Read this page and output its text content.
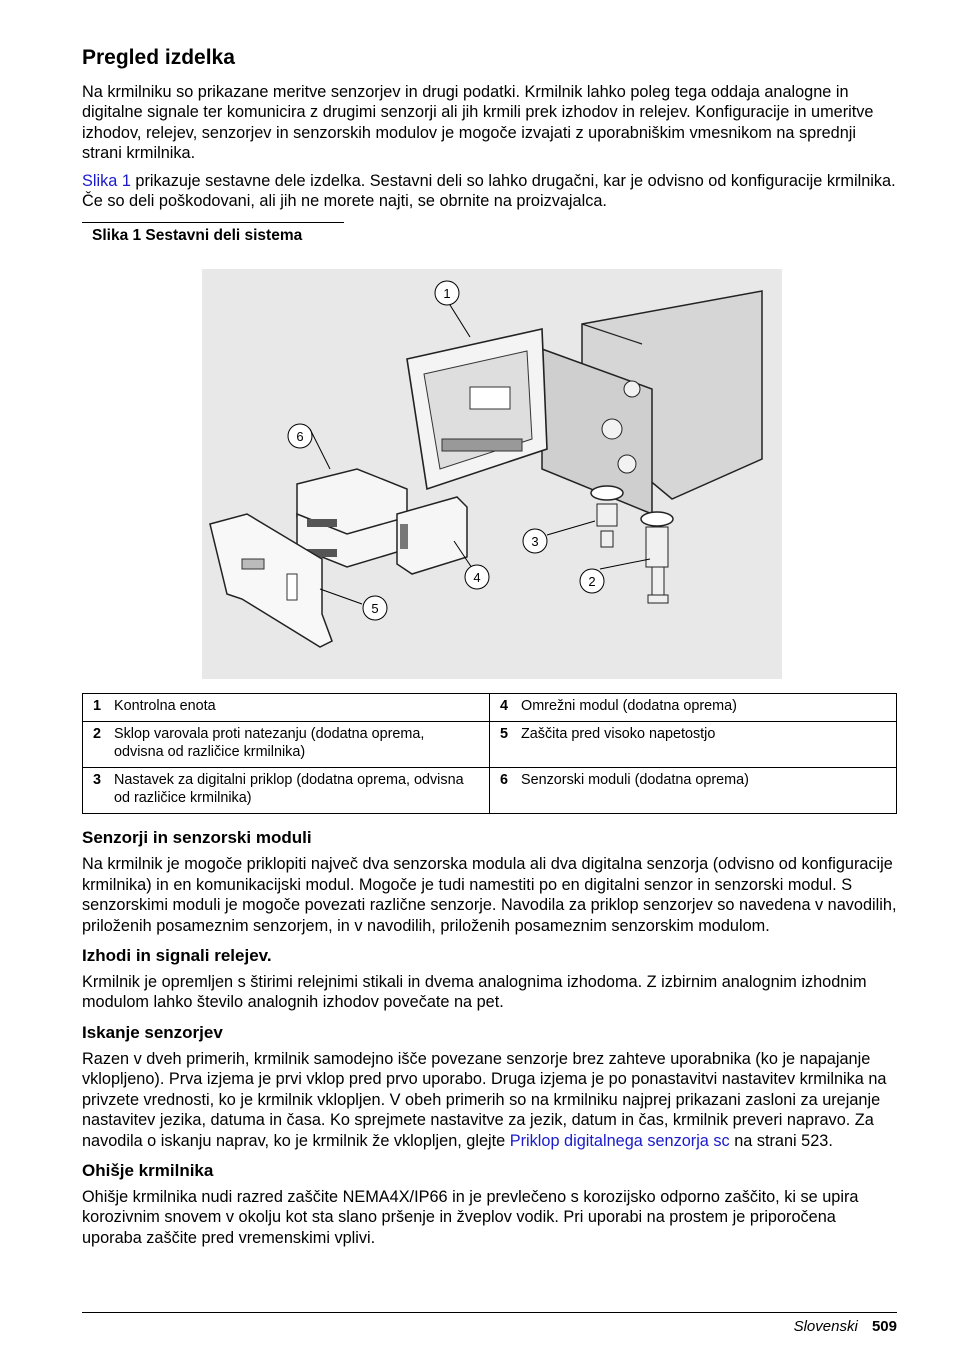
Pregled izdelka

Na krmilniku so prikazane meritve senzorjev in drugi podatki. Krmilnik lahko poleg tega oddaja analogne in digitalne signale ter komunicira z drugimi senzorji ali jih krmili prek izhodov in relejev. Konfiguracije in umeritve izhodov, relejev, senzorjev in senzorskih modulov je mogoče izvajati z uporabniškim vmesnikom na sprednji strani krmilnika.

Slika 1 prikazuje sestavne dele izdelka. Sestavni deli so lahko drugačni, kar je odvisno od konfiguracije krmilnika. Če so deli poškodovani, ali jih ne morete najti, se obrnite na proizvajalca.

Slika 1 Sestavni deli sistema
1
2
3
4
5
6
1 Kontrolna enota	4 Omrežni modul (dodatna oprema)
2 Sklop varovala proti natezanju (dodatna oprema, odvisna od različice krmilnika)	5 Zaščita pred visoko napetostjo
3 Nastavek za digitalni priklop (dodatna oprema, odvisna od različice krmilnika)	6 Senzorski moduli (dodatna oprema)
Senzorji in senzorski moduli

Na krmilnik je mogoče priklopiti največ dva senzorska modula ali dva digitalna senzorja (odvisno od konfiguracije krmilnika) in en komunikacijski modul. Mogoče je tudi namestiti po en digitalni senzor in senzorski modul. S senzorskimi moduli je mogoče povezati različne senzorje. Navodila za priklop senzorjev so navedena v navodilih, priloženih posameznim senzorjem, in v navodilih, priloženih posameznim senzorskim modulom.

Izhodi in signali relejev.

Krmilnik je opremljen s štirimi relejnimi stikali in dvema analognima izhodoma. Z izbirnim analognim izhodnim modulom lahko število analognih izhodov povečate na pet.

Iskanje senzorjev

Razen v dveh primerih, krmilnik samodejno išče povezane senzorje brez zahteve uporabnika (ko je napajanje vklopljeno). Prva izjema je prvi vklop pred prvo uporabo. Druga izjema je po ponastavitvi nastavitev krmilnika na privzete vrednosti, ko je krmilnik vklopljen. V obeh primerih so na krmilniku najprej prikazani zasloni za urejanje nastavitev jezika, datuma in časa. Ko sprejmete nastavitve za jezik, datum in čas, krmilnik preveri napravo. Za navodila o iskanju naprav, ko je krmilnik že vklopljen, glejte Priklop digitalnega senzorja sc na strani 523.

Ohišje krmilnika

Ohišje krmilnika nudi razred zaščite NEMA4X/IP66 in je prevlečeno s korozijsko odporno zaščito, ki se upira korozivnim snovem v okolju kot sta slano pršenje in žveplov vodik. Pri uporabi na prostem je priporočena uporaba zaščite pred vremenskimi vplivi.

Slovenski 509
